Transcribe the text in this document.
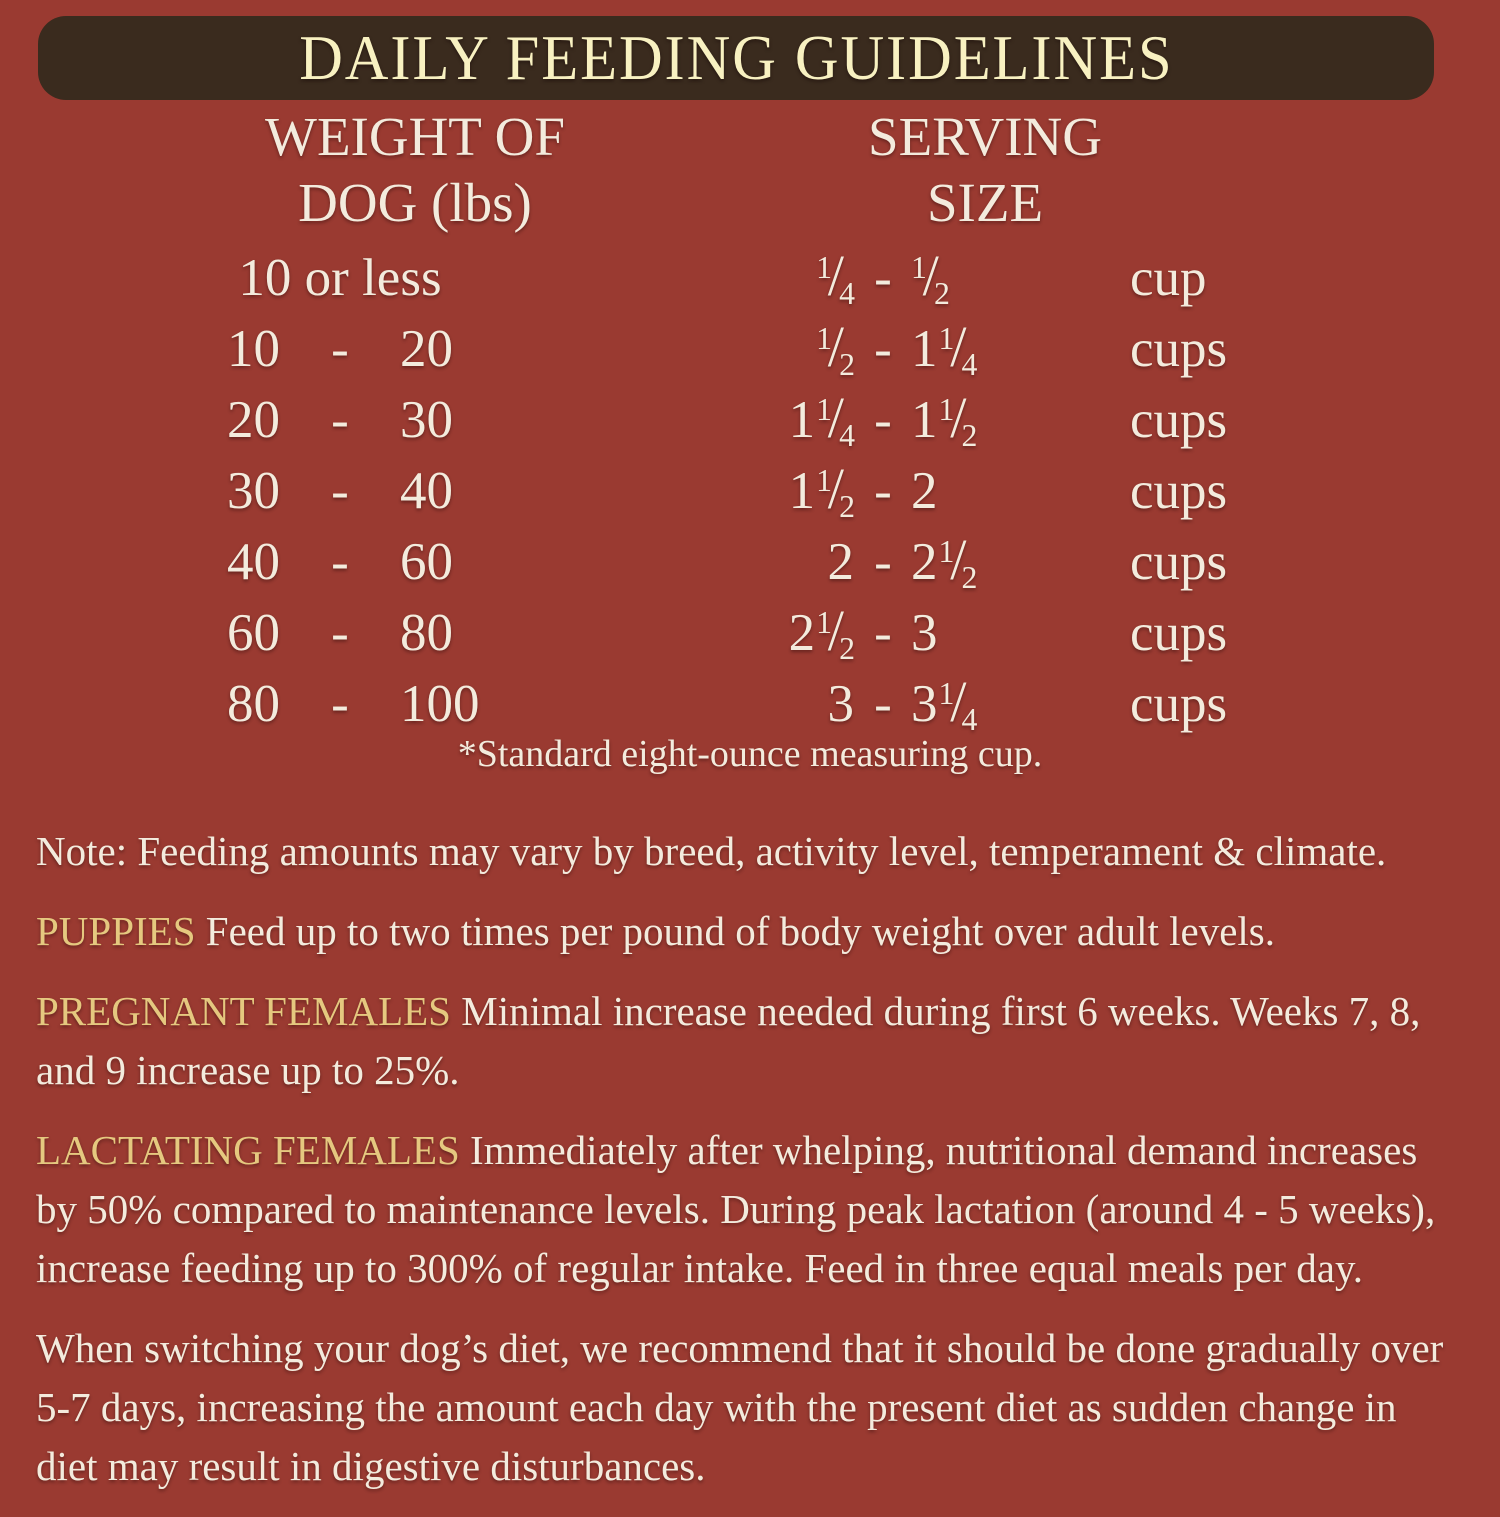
DAILY FEEDING GUIDELINES
WEIGHT OF
DOG (lbs)
SERVING
SIZE
10 or less	$^1/_4 - ^1/_2$	cup
10 - 20	$^1/_2 - 1^1/_4$	cups
20 - 30	$1^1/_4 - 1^1/_2$	cups
30 - 40	$1^1/_2 - 2$	cups
40 - 60	$2 - 2^1/_2$	cups
60 - 80	$2^1/_2 - 3$	cups
80 - 100	$3 - 3^1/_4$	cups
*Standard eight-ounce measuring cup.

Note: Feeding amounts may vary by breed, activity level, temperament & climate.

PUPPIES Feed up to two times per pound of body weight over adult levels.

PREGNANT FEMALES Minimal increase needed during first 6 weeks. Weeks 7, 8, and 9 increase up to 25%.

LACTATING FEMALES Immediately after whelping, nutritional demand increases by 50% compared to maintenance levels. During peak lactation (around 4 - 5 weeks), increase feeding up to 300% of regular intake. Feed in three equal meals per day.

When switching your dog’s diet, we recommend that it should be done gradually over 5-7 days, increasing the amount each day with the present diet as sudden change in diet may result in digestive disturbances.
